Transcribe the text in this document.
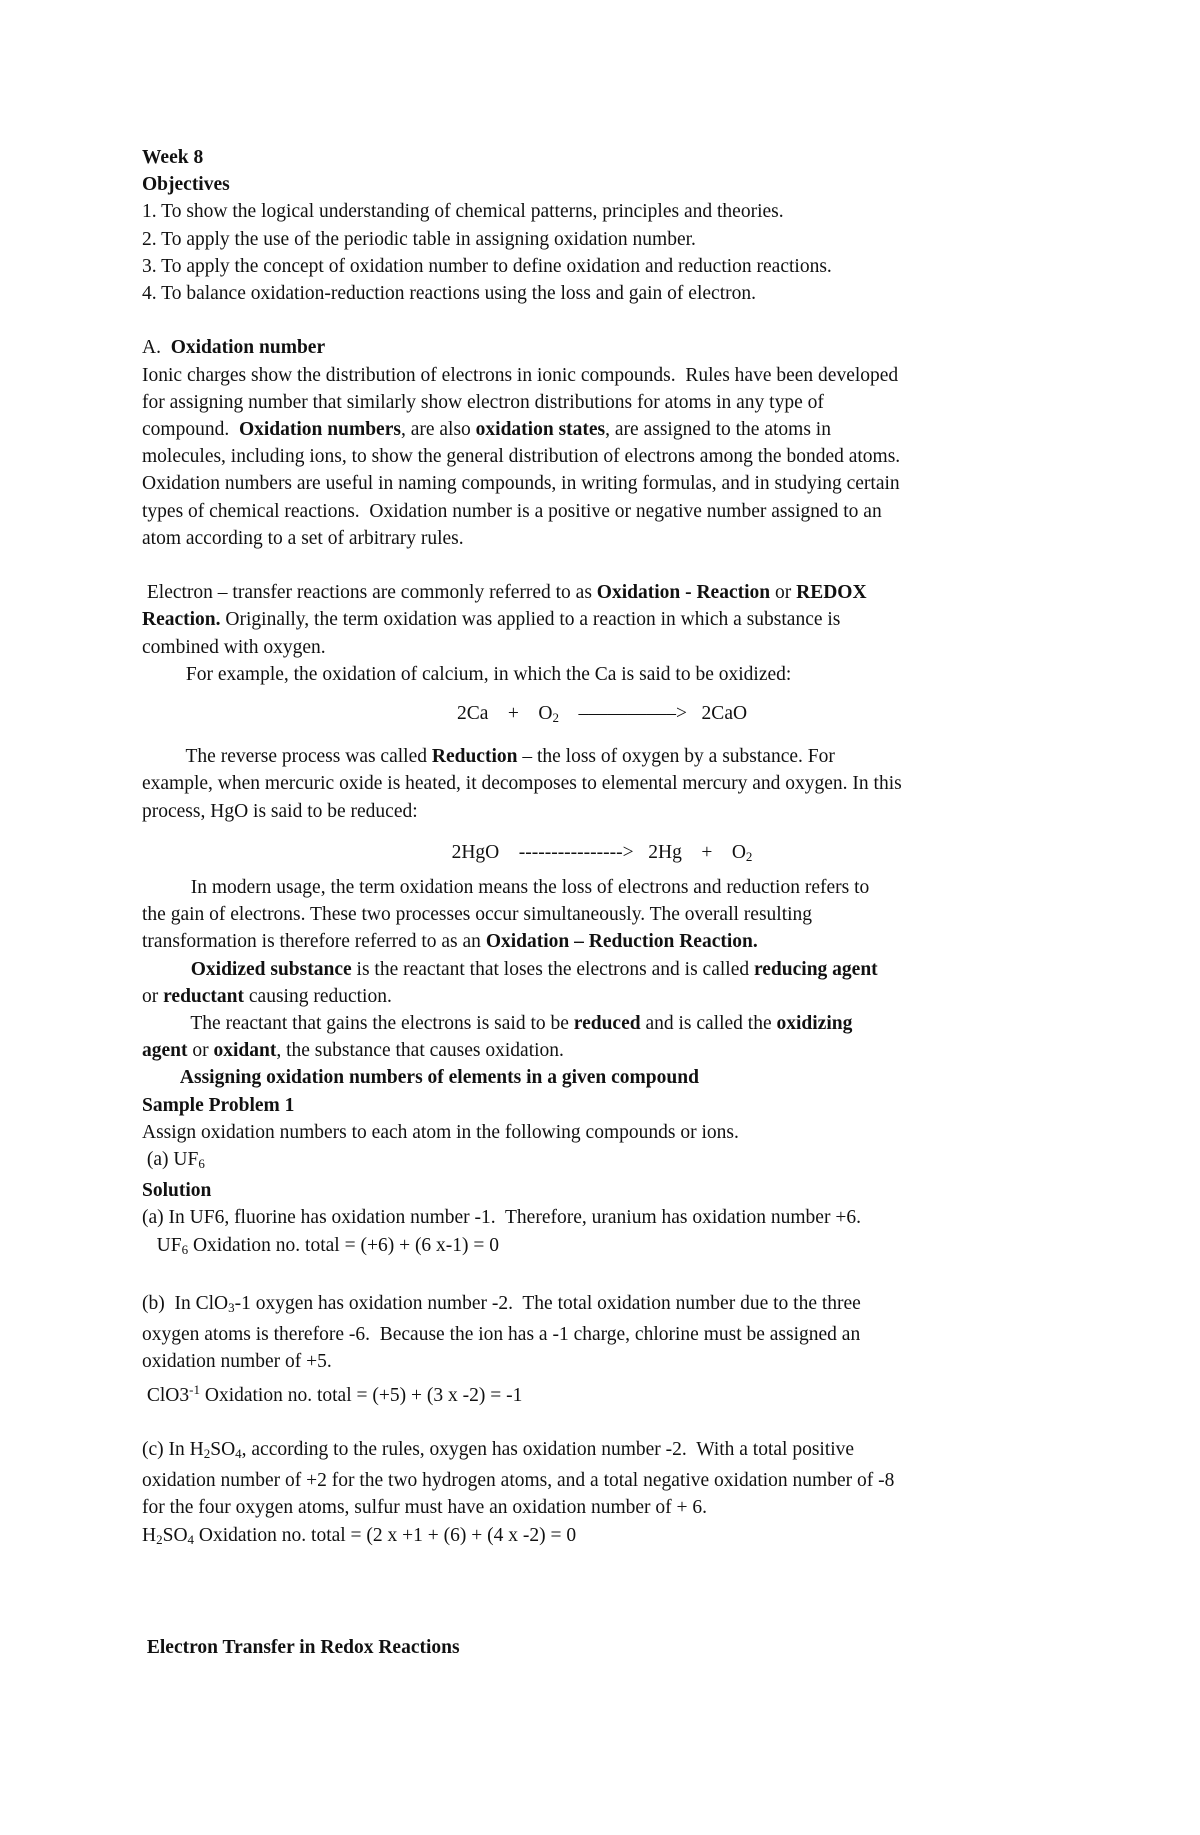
Week 8
Objectives
1. To show the logical understanding of chemical patterns, principles and theories.
2. To apply the use of the periodic table in assigning oxidation number.
3. To apply the concept of oxidation number to define oxidation and reduction reactions.
4. To balance oxidation-reduction reactions using the loss and gain of electron.
A. Oxidation number
Ionic charges show the distribution of electrons in ionic compounds.  Rules have been developed
for assigning number that similarly show electron distributions for atoms in any type of
compound.  Oxidation numbers, are also oxidation states, are assigned to the atoms in
molecules, including ions, to show the general distribution of electrons among the bonded atoms.
Oxidation numbers are useful in naming compounds, in writing formulas, and in studying certain
types of chemical reactions.  Oxidation number is a positive or negative number assigned to an
atom according to a set of arbitrary rules.
Electron – transfer reactions are commonly referred to as Oxidation - Reaction or REDOX
Reaction. Originally, the term oxidation was applied to a reaction in which a substance is
combined with oxygen.
For example, the oxidation of calcium, in which the Ca is said to be oxidized:
2Ca    +    $O_2$    ––––––––––>   2CaO
The reverse process was called Reduction – the loss of oxygen by a substance. For
example, when mercuric oxide is heated, it decomposes to elemental mercury and oxygen. In this
process, HgO is said to be reduced:
2HgO    ---------------->   2Hg    +    $O_2$
In modern usage, the term oxidation means the loss of electrons and reduction refers to
the gain of electrons. These two processes occur simultaneously. The overall resulting
transformation is therefore referred to as an Oxidation – Reduction Reaction.
Oxidized substance is the reactant that loses the electrons and is called reducing agent
or reductant causing reduction.
The reactant that gains the electrons is said to be reduced and is called the oxidizing
agent or oxidant, the substance that causes oxidation.
Assigning oxidation numbers of elements in a given compound
Sample Problem 1
Assign oxidation numbers to each atom in the following compounds or ions.
(a) $UF_6$
Solution
(a) In UF6, fluorine has oxidation number -1.  Therefore, uranium has oxidation number +6.
$UF_6$ Oxidation no. total = (+6) + (6 x-1) = 0
(b)  In ClO$_3$-1 oxygen has oxidation number -2.  The total oxidation number due to the three
oxygen atoms is therefore -6.  Because the ion has a -1 charge, chlorine must be assigned an
oxidation number of +5.
$ClO3^{-1}$ Oxidation no. total = (+5) + (3 x -2) = -1
(c) In $H_2SO_4$, according to the rules, oxygen has oxidation number -2.  With a total positive
oxidation number of +2 for the two hydrogen atoms, and a total negative oxidation number of -8
for the four oxygen atoms, sulfur must have an oxidation number of + 6.
$H_2SO_4$ Oxidation no. total = (2 x +1 + (6) + (4 x -2) = 0
Electron Transfer in Redox Reactions
